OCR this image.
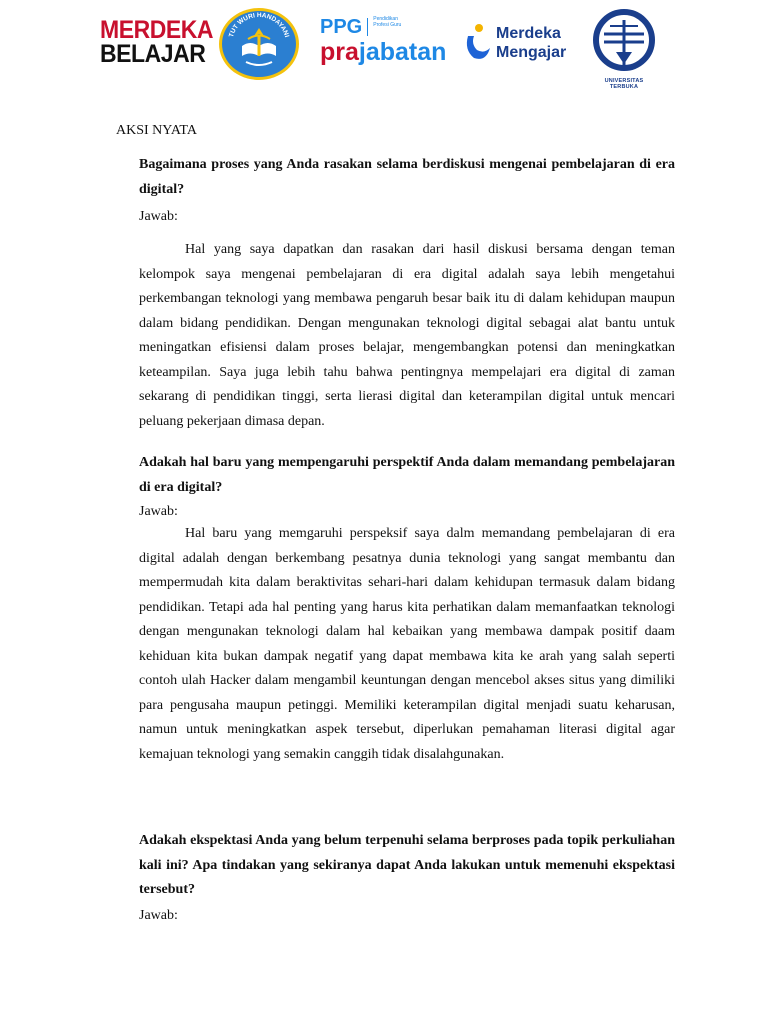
MERDEKA
BELAJAR
TUT WURI HANDAYANI PPG Pendidikan Profesi Guru
prajabatan
Merdeka
Mengajar
UNIVERSITAS TERBUKA
AKSI NYATA
Bagaimana proses yang Anda rasakan selama berdiskusi mengenai pembelajaran di era digital?
Jawab:
Hal yang saya dapatkan dan rasakan dari hasil diskusi bersama dengan teman kelompok saya mengenai pembelajaran di era digital adalah saya lebih mengetahui perkembangan teknologi yang membawa pengaruh besar baik itu di dalam kehidupan maupun dalam bidang pendidikan. Dengan mengunakan teknologi digital sebagai alat bantu untuk meningatkan efisiensi dalam proses belajar, mengembangkan potensi dan meningkatkan keteampilan. Saya juga lebih tahu bahwa pentingnya mempelajari era digital di zaman sekarang di pendidikan tinggi, serta lierasi digital dan keterampilan digital untuk mencari peluang pekerjaan dimasa depan.
Adakah hal baru yang mempengaruhi perspektif Anda dalam memandang pembelajaran di era digital?
Jawab:
Hal baru yang memgaruhi perspeksif saya dalm memandang pembelajaran di era digital adalah dengan berkembang pesatnya dunia teknologi yang sangat membantu dan mempermudah kita dalam beraktivitas sehari-hari dalam kehidupan termasuk dalam bidang pendidikan. Tetapi ada hal penting yang harus kita perhatikan dalam memanfaatkan teknologi dengan mengunakan teknologi dalam hal kebaikan yang membawa dampak positif daam kehiduan kita bukan dampak negatif yang dapat membawa kita ke arah yang salah seperti contoh ulah Hacker dalam mengambil keuntungan dengan mencebol akses situs yang dimiliki para pengusaha maupun petinggi. Memiliki keterampilan digital menjadi suatu keharusan, namun untuk meningkatkan aspek tersebut, diperlukan pemahaman literasi digital agar kemajuan teknologi yang semakin canggih tidak disalahgunakan.
Adakah ekspektasi Anda yang belum terpenuhi selama berproses pada topik perkuliahan kali ini? Apa tindakan yang sekiranya dapat Anda lakukan untuk memenuhi ekspektasi tersebut?
Jawab:
